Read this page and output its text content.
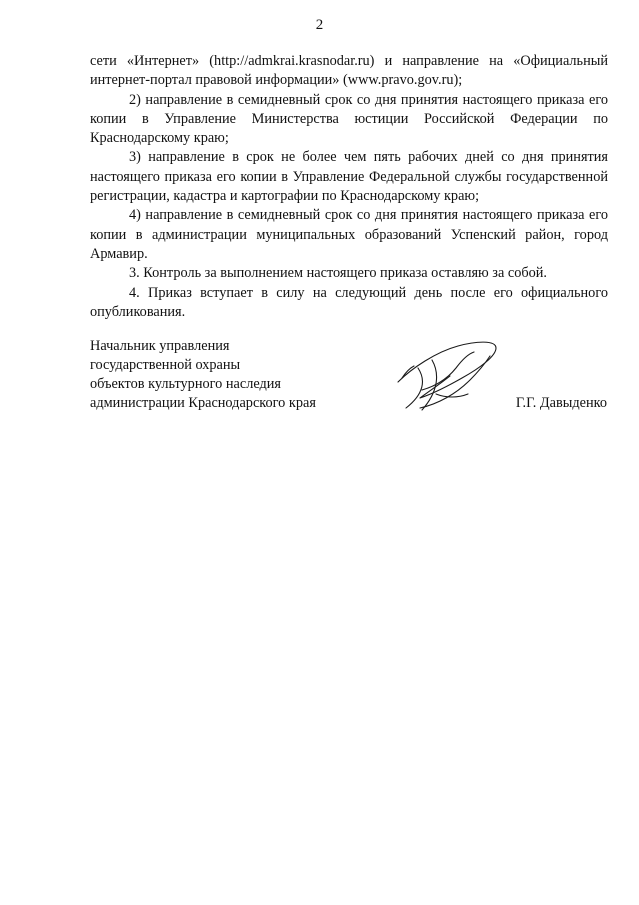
2

сети «Интернет» (http://admkrai.krasnodar.ru) и направление на «Официальный интернет-портал правовой информации» (www.pravo.gov.ru);

2) направление в семидневный срок со дня принятия настоящего приказа его копии в Управление Министерства юстиции Российской Федерации по Краснодарскому краю;

3) направление в срок не более чем пять рабочих дней со дня принятия настоящего приказа его копии в Управление Федеральной службы государственной регистрации, кадастра и картографии по Краснодарскому краю;

4) направление в семидневный срок со дня принятия настоящего приказа его копии в администрации муниципальных образований Успенский район, город Армавир.

3. Контроль за выполнением настоящего приказа оставляю за собой.

4. Приказ вступает в силу на следующий день после его официального опубликования.

Начальник управления
государственной охраны
объектов культурного наследия
администрации Краснодарского края	Г.Г. Давыденко
